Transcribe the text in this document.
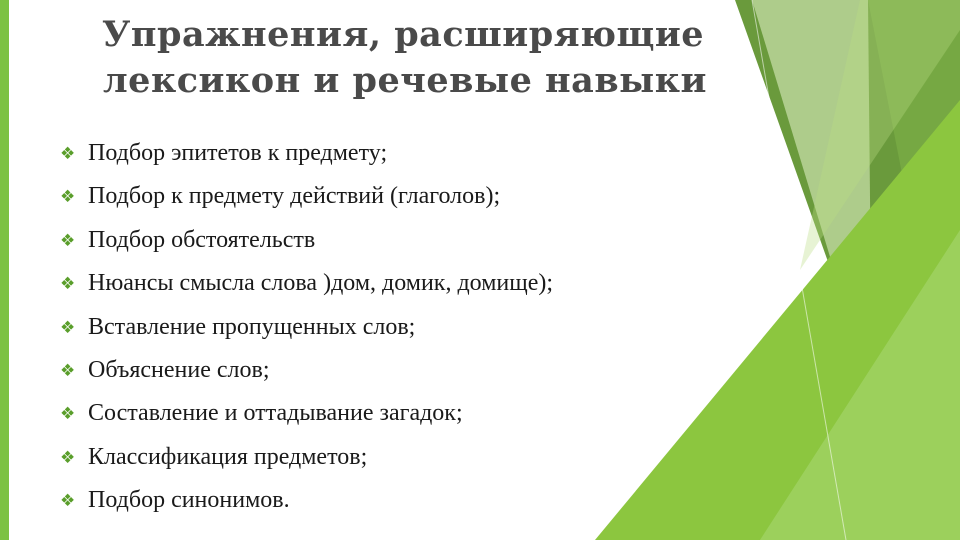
Упражнения, расширяющие
лексикон и речевые навыки
❖ Подбор эпитетов к предмету;
❖ Подбор к предмету действий (глаголов);
❖ Подбор обстоятельств
❖ Нюансы смысла слова )дом, домик, домище);
❖ Вставление пропущенных слов;
❖ Объяснение слов;
❖ Составление и оттадывание загадок;
❖ Классификация предметов;
❖ Подбор синонимов.
